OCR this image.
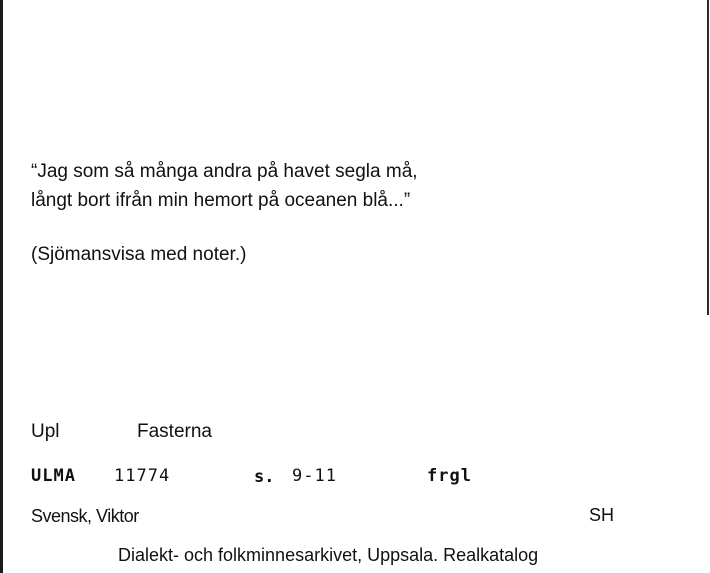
“Jag som så många andra på havet segla må,
långt bort ifrån min hemort på oceanen blå...”
(Sjömansvisa med noter.)
Upl	Fasterna
ULMA 11774	s. 9-11	frgl
Svensk, Viktor	SH
Dialekt- och folkminnesarkivet, Uppsala. Realkatalog
